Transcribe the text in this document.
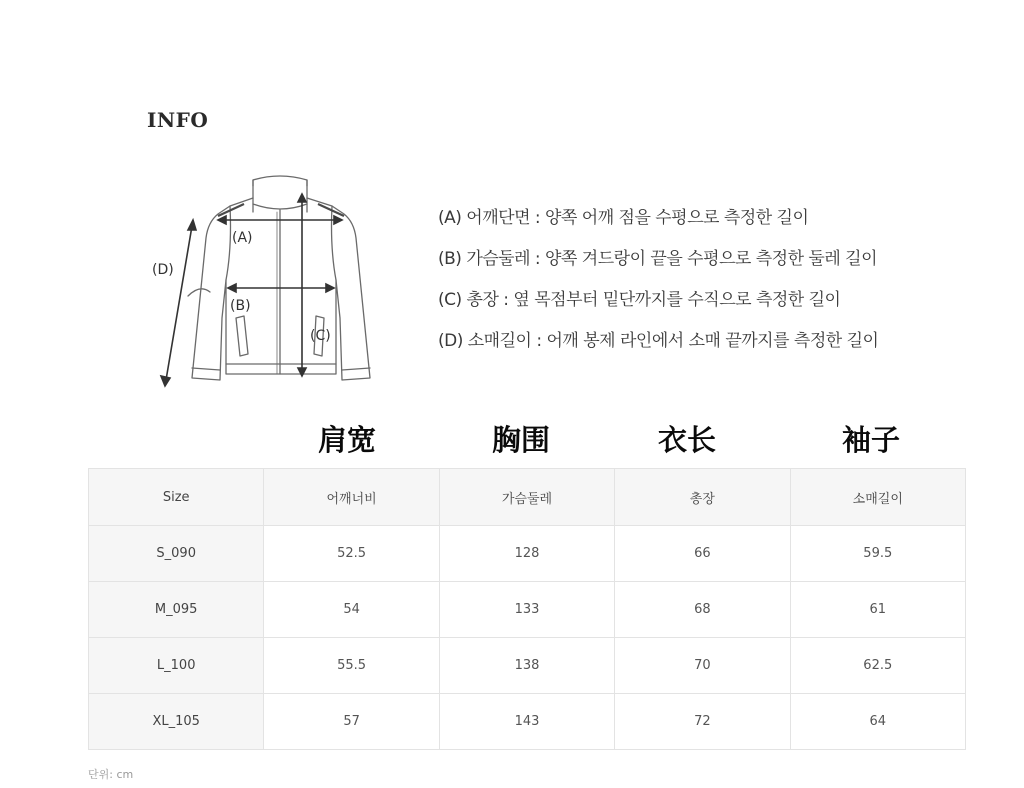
INFO
(A)
(B)
(C)
(D)
(A) 어깨단면 : 양쪽 어깨 점을 수평으로 측정한 길이
(B) 가슴둘레 : 양쪽 겨드랑이 끝을 수평으로 측정한 둘레 길이
(C) 총장 : 옆 목점부터 밑단까지를 수직으로 측정한 길이
(D) 소매길이 : 어깨 봉제 라인에서 소매 끝까지를 측정한 길이
肩宽	胸围	衣长	袖子
Size	어깨너비	가슴둘레	총장	소매길이
S_090	52.5	128	66	59.5
M_095	54	133	68	61
L_100	55.5	138	70	62.5
XL_105	57	143	72	64
단위: cm
